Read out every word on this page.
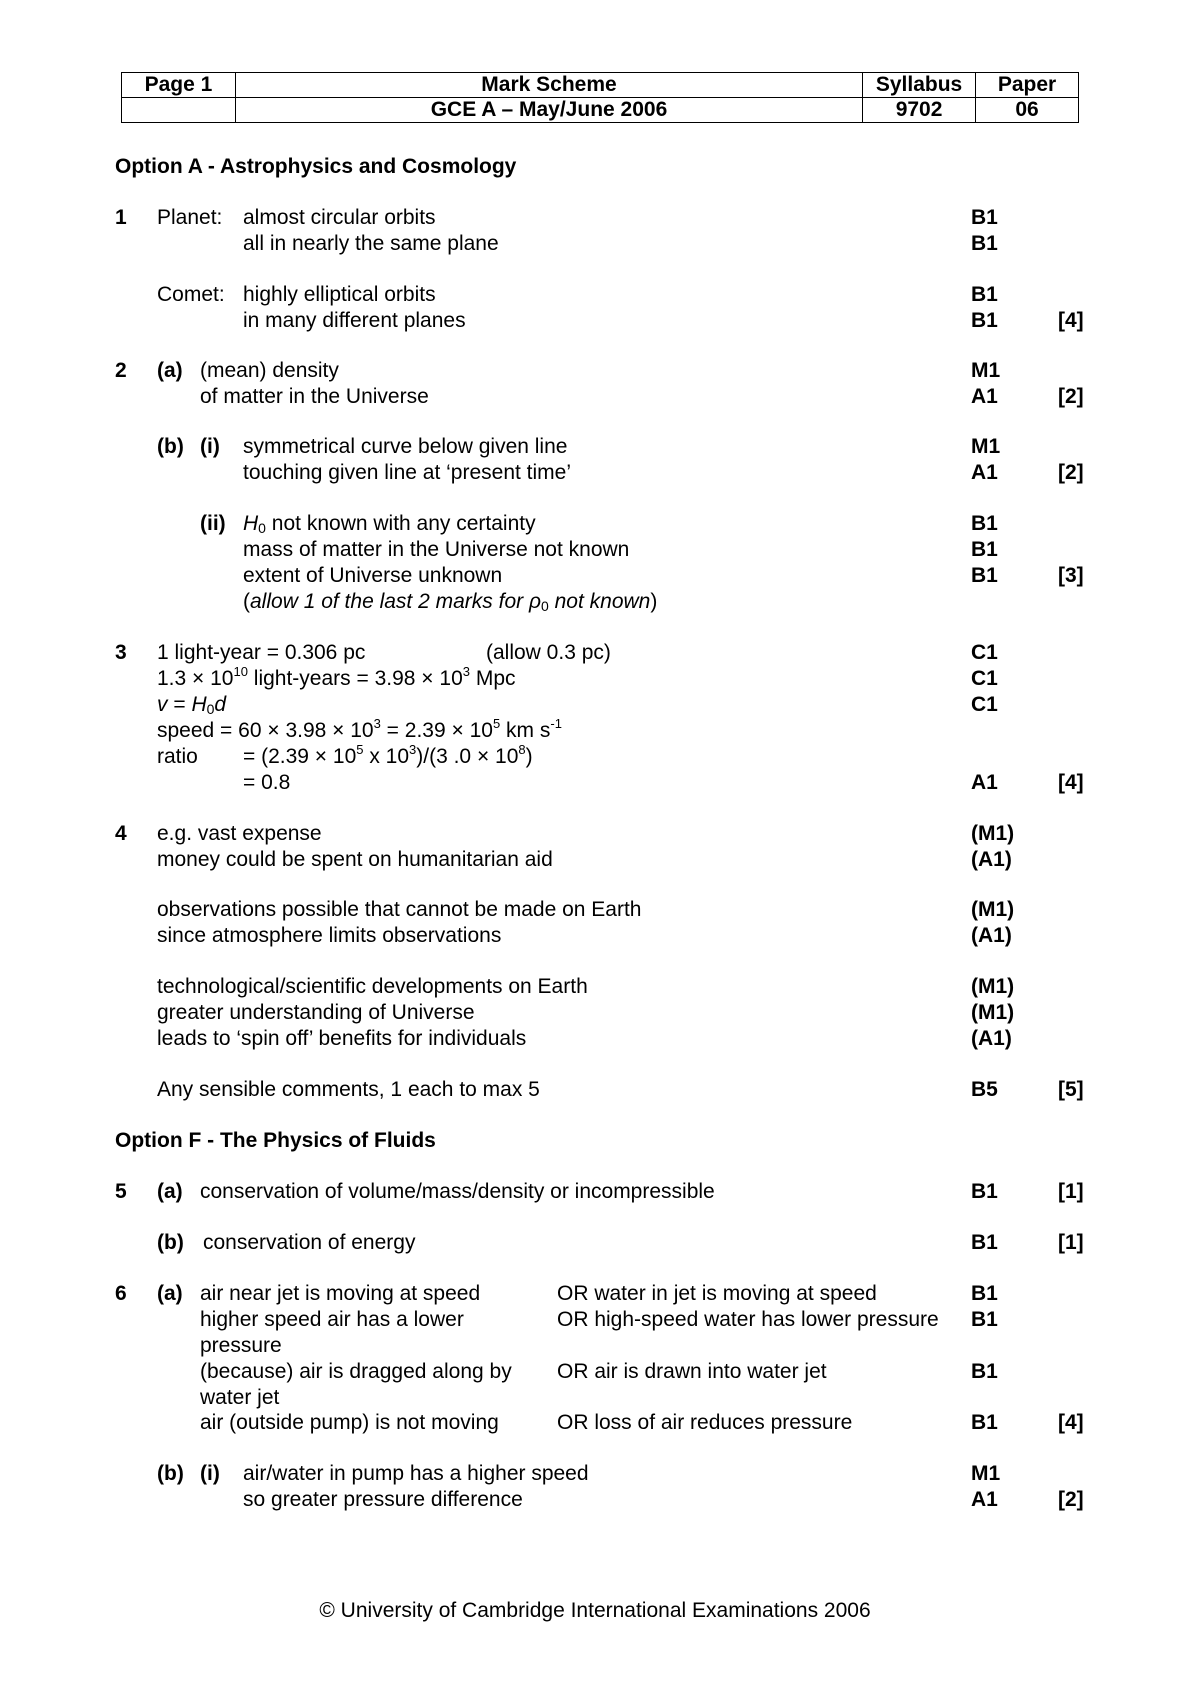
Page 1	Mark Scheme	Syllabus	Paper
	GCE A – May/June 2006	9702	06
Option A - Astrophysics and Cosmology
1 Planet: almost circular orbits	B1
all in nearly the same plane	B1
Comet: highly elliptical orbits	B1
in many different planes	B1	[4]
2 (a) (mean) density	M1
of matter in the Universe	A1	[2]
(b) (i) symmetrical curve below given line	M1
touching given line at ‘present time’	A1	[2]
(ii) $H_0$ not known with any certainty	B1
mass of matter in the Universe not known	B1
extent of Universe unknown	B1	[3]
(allow 1 of the last 2 marks for $\rho_0$ not known)
3 1 light-year = 0.306 pc	(allow 0.3 pc)	C1
$1.3 \times 10^{10}$ light-years = $3.98 \times 10^3$ Mpc	C1
$v = H_0d$	C1
speed = $60 \times 3.98 \times 10^3 = 2.39 \times 10^5$ km $s^{-1}$
ratio = ($2.39 \times 10^5$ x $10^3)/(3$ $.0 \times 10^8$)
= 0.8	A1	[4]
4 e.g. vast expense	(M1)
money could be spent on humanitarian aid	(A1)
observations possible that cannot be made on Earth	(M1)
since atmosphere limits observations	(A1)
technological/scientific developments on Earth	(M1)
greater understanding of Universe	(M1)
leads to ‘spin off’ benefits for individuals	(A1)
Any sensible comments, 1 each to max 5	B5	[5]
Option F - The Physics of Fluids
5 (a) conservation of volume/mass/density or incompressible	B1	[1]
(b) conservation of energy	B1	[1]
6 (a) air near jet is moving at speed	OR water in jet is moving at speed	B1
higher speed air has a lower	OR high-speed water has lower pressure B1
pressure
(because) air is dragged along by OR air is drawn into water jet	B1
water jet
air (outside pump) is not moving	OR loss of air reduces pressure	B1	[4]
(b) (i) air/water in pump has a higher speed	M1
so greater pressure difference	A1	[2]
© University of Cambridge International Examinations 2006
